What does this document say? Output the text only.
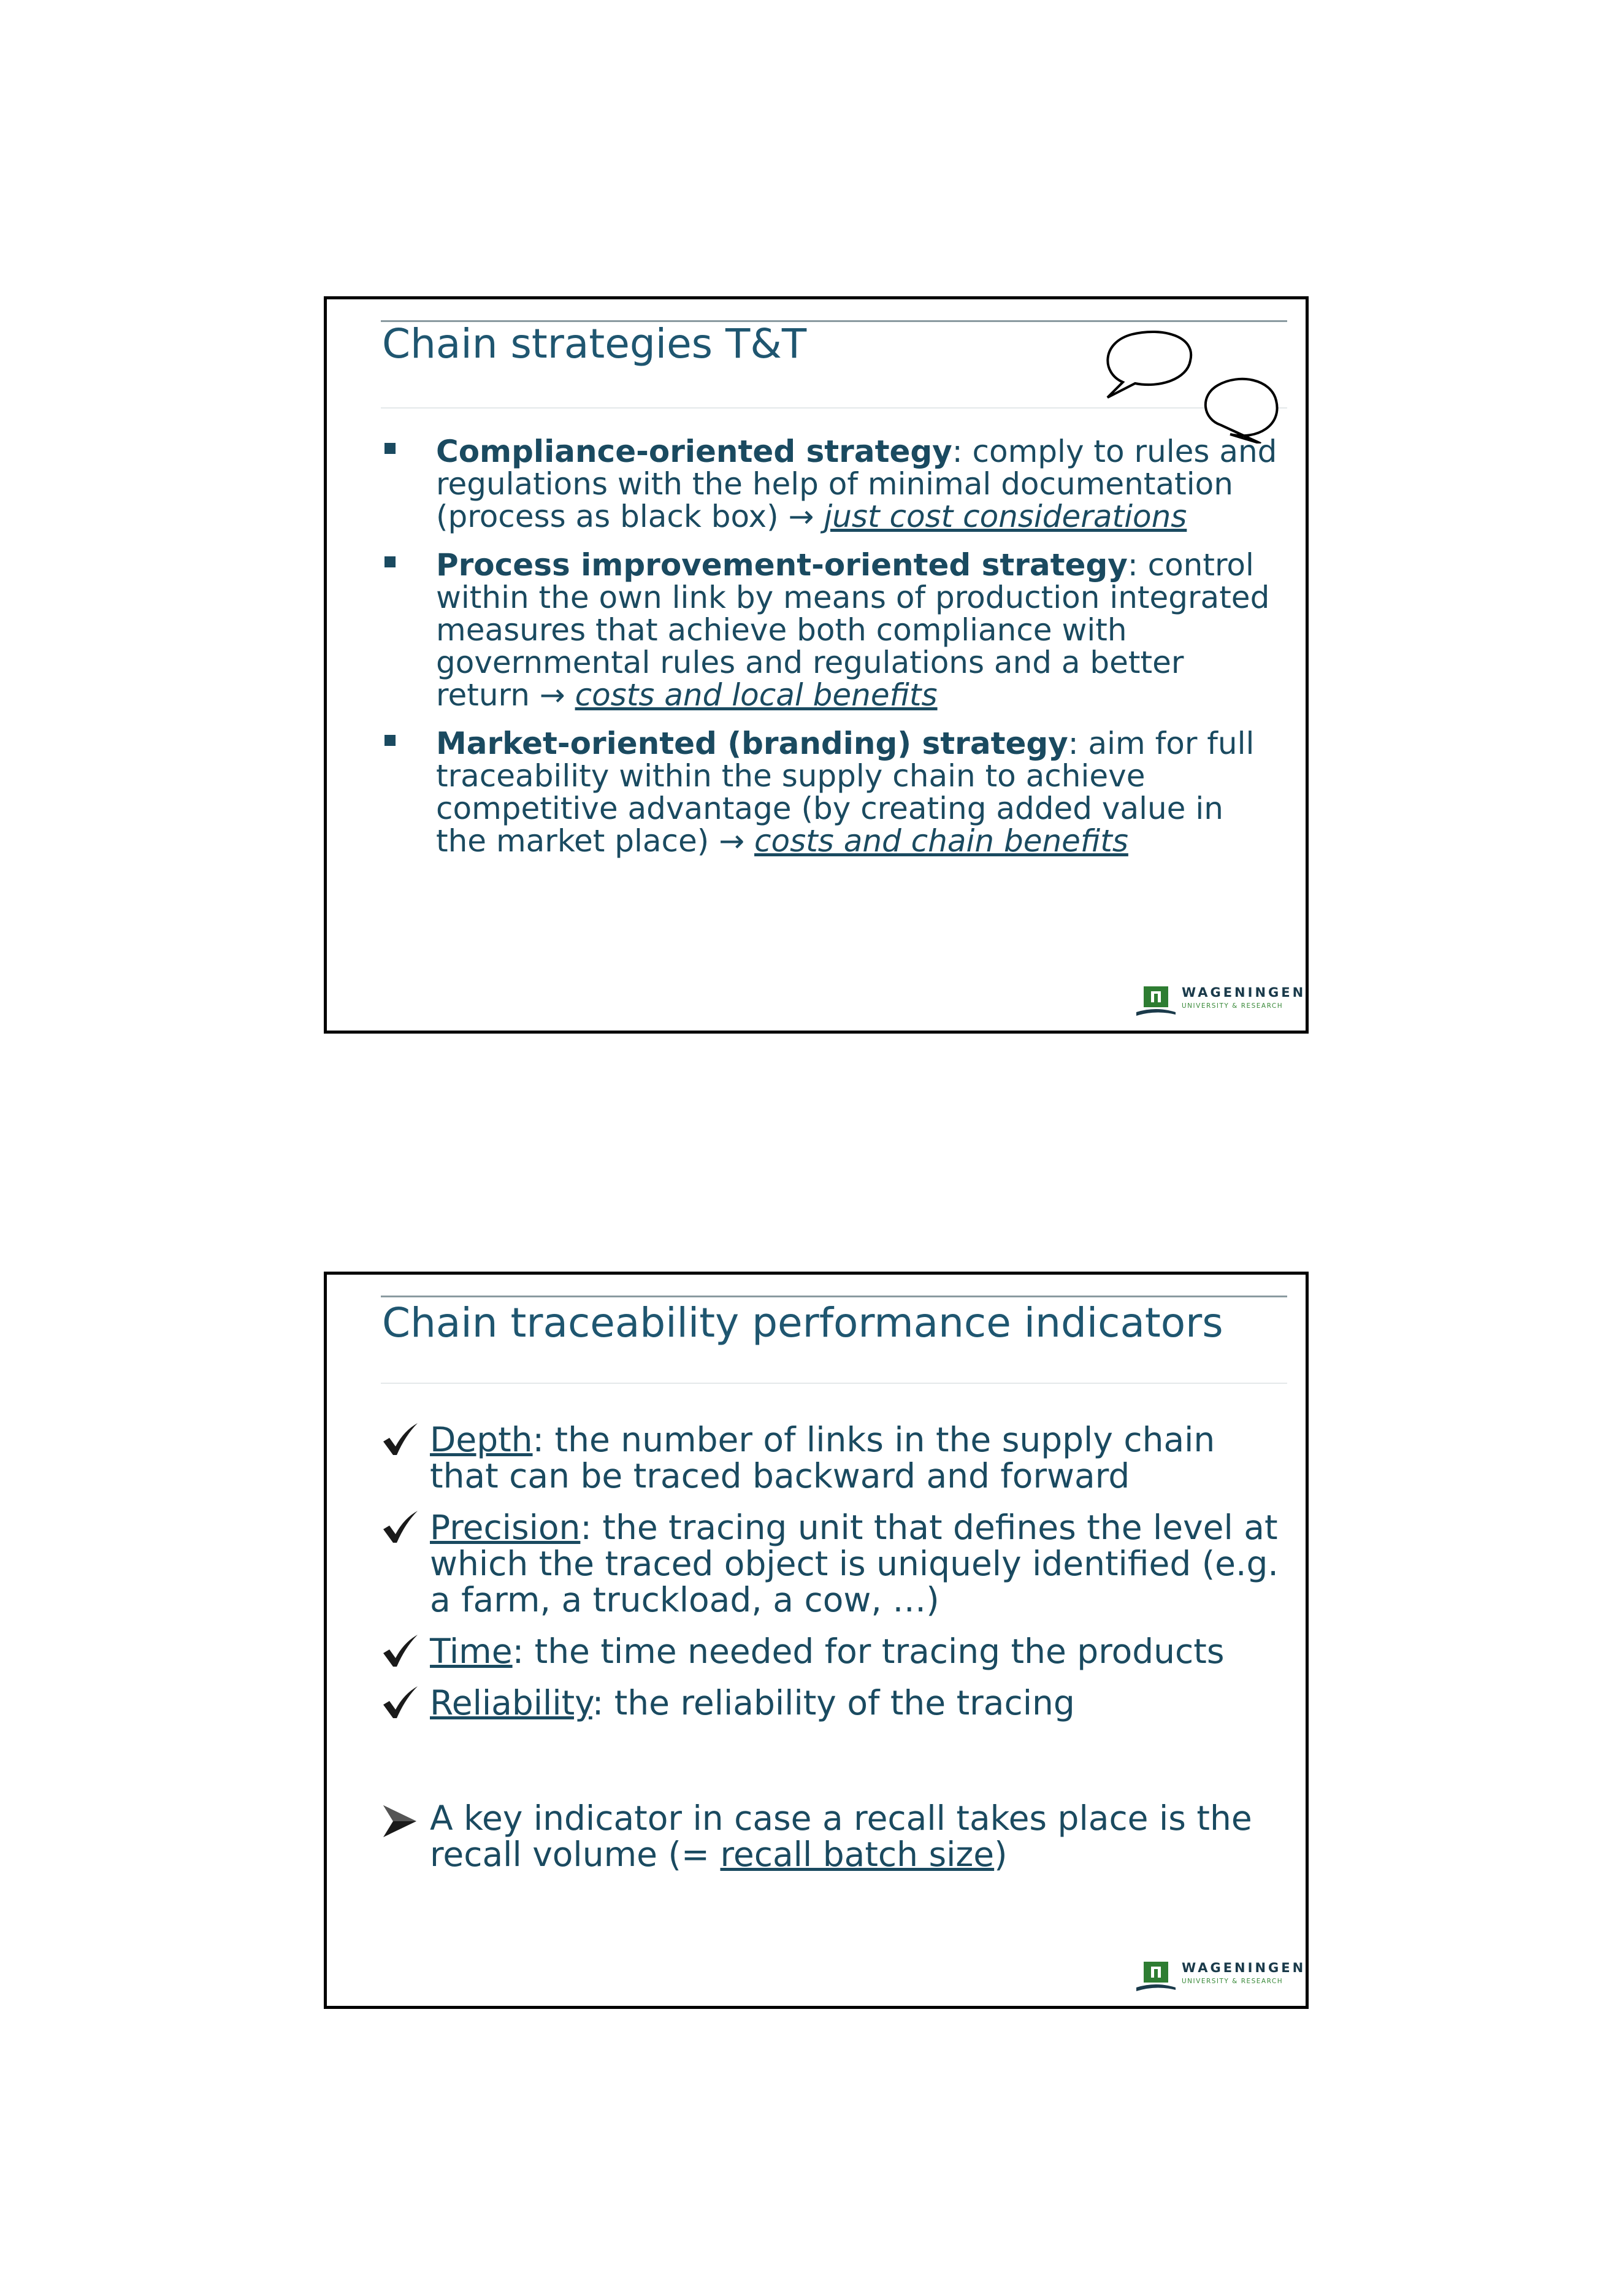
Chain strategies T&T
Compliance-oriented strategy: comply to rules and regulations with the help of minimal documentation (process as black box) → just cost considerations
Process improvement-oriented strategy: control within the own link by means of production integrated measures that achieve both compliance with governmental rules and regulations and a better return → costs and local benefits
Market-oriented (branding) strategy: aim for full traceability within the supply chain to achieve competitive advantage (by creating added value in the market place) → costs and chain benefits
WAGENINGEN
UNIVERSITY & RESEARCH
Chain traceability performance indicators
Depth: the number of links in the supply chain that can be traced backward and forward
Precision: the tracing unit that defines the level at which the traced object is uniquely identified (e.g. a farm, a truckload, a cow, …)
Time: the time needed for tracing the products
Reliability: the reliability of the tracing
A key indicator in case a recall takes place is the recall volume (= recall batch size)
WAGENINGEN
UNIVERSITY & RESEARCH
